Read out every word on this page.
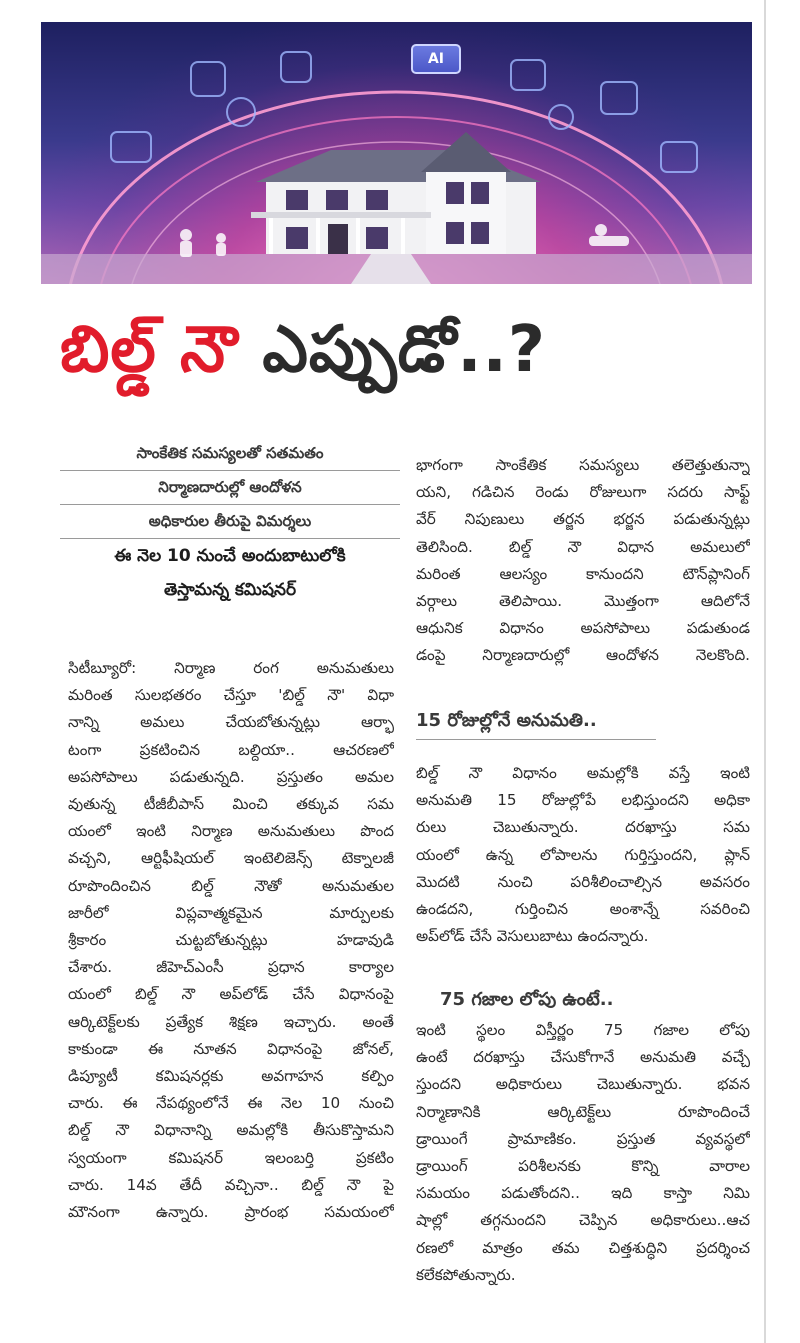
AI
బిల్డ్ నౌ ఎప్పుడో..?
సాంకేతిక సమస్యలతో సతమతం
నిర్మాణదారుల్లో ఆందోళన
అధికారుల తీరుపై విమర్శలు
ఈ నెల 10 నుంచే అందుబాటులోకి
తెస్తామన్న కమిషనర్

సిటీబ్యూరో: నిర్మాణ రంగ అనుమతులు

మరింత సులభతరం చేస్తూ 'బిల్డ్ నౌ' విధా

నాన్ని అమలు చేయబోతున్నట్లు ఆర్భా

టంగా ప్రకటించిన బల్దియా.. ఆచరణలో

అపసోపాలు పడుతున్నది. ప్రస్తుతం అమల

వుతున్న టీజీబీపాస్ మించి తక్కువ సమ

యంలో ఇంటి నిర్మాణ అనుమతులు పొంద

వచ్చని, ఆర్టిఫీషియల్ ఇంటెలిజెన్స్ టెక్నాలజీ

రూపొందించిన బిల్డ్ నౌతో అనుమతుల

జారీలో విప్లవాత్మకమైన మార్పులకు

శ్రీకారం చుట్టబోతున్నట్లు హడావుడి

చేశారు. జీహెచ్ఎంసీ ప్రధాన కార్యాల

యంలో బిల్డ్ నౌ అప్‌లోడ్ చేసే విధానంపై

ఆర్కిటెక్ట్‌లకు ప్రత్యేక శిక్షణ ఇచ్చారు. అంతే

కాకుండా ఈ నూతన విధానంపై జోనల్,

డిప్యూటీ కమిషనర్లకు అవగాహన కల్పిం

చారు. ఈ నేపథ్యంలోనే ఈ నెల 10 నుంచి

బిల్డ్ నౌ విధానాన్ని అమల్లోకి తీసుకొస్తామని

స్వయంగా కమిషనర్ ఇలంబర్తి ప్రకటిం

చారు. 14వ తేదీ వచ్చినా.. బిల్డ్ నౌ పై

మౌనంగా ఉన్నారు. ప్రారంభ సమయంలో

భాగంగా సాంకేతిక సమస్యలు తలెత్తుతున్నా

యని, గడిచిన రెండు రోజులుగా సదరు సాఫ్ట్

వేర్ నిపుణులు తర్జన భర్జన పడుతున్నట్లు

తెలిసింది. బిల్డ్ నౌ విధాన అమలులో

మరింత ఆలస్యం కానుందని టౌన్‌ప్లానింగ్

వర్గాలు తెలిపాయి. మొత్తంగా ఆదిలోనే

ఆధునిక విధానం అపసోపాలు పడుతుండ

డంపై నిర్మాణదారుల్లో ఆందోళన నెలకొంది.

15 రోజుల్లోనే అనుమతి..

బిల్డ్ నౌ విధానం అమల్లోకి వస్తే ఇంటి

అనుమతి 15 రోజుల్లోపే లభిస్తుందని అధికా

రులు చెబుతున్నారు. దరఖాస్తు సమ

యంలో ఉన్న లోపాలను గుర్తిస్తుందని, ప్లాన్

మొదటి నుంచి పరిశీలించాల్సిన అవసరం

ఉండదని, గుర్తించిన అంశాన్నే సవరించి

అప్‌లోడ్ చేసే వెసులుబాటు ఉందన్నారు.

75 గజాల లోపు ఉంటే..

ఇంటి స్థలం విస్తీర్ణం 75 గజాల లోపు

ఉంటే దరఖాస్తు చేసుకోగానే అనుమతి వచ్చే

స్తుందని అధికారులు చెబుతున్నారు. భవన

నిర్మాణానికి ఆర్కిటెక్ట్‌లు రూపొందించే

డ్రాయింగే ప్రామాణికం. ప్రస్తుత వ్యవస్థలో

డ్రాయింగ్ పరిశీలనకు కొన్ని వారాల

సమయం పడుతోందని.. ఇది కాస్తా నిమి

షాల్లో తగ్గనుందని చెప్పిన అధికారులు..ఆచ

రణలో మాత్రం తమ చిత్తశుద్ధిని ప్రదర్శించ

కలేకపోతున్నారు.
